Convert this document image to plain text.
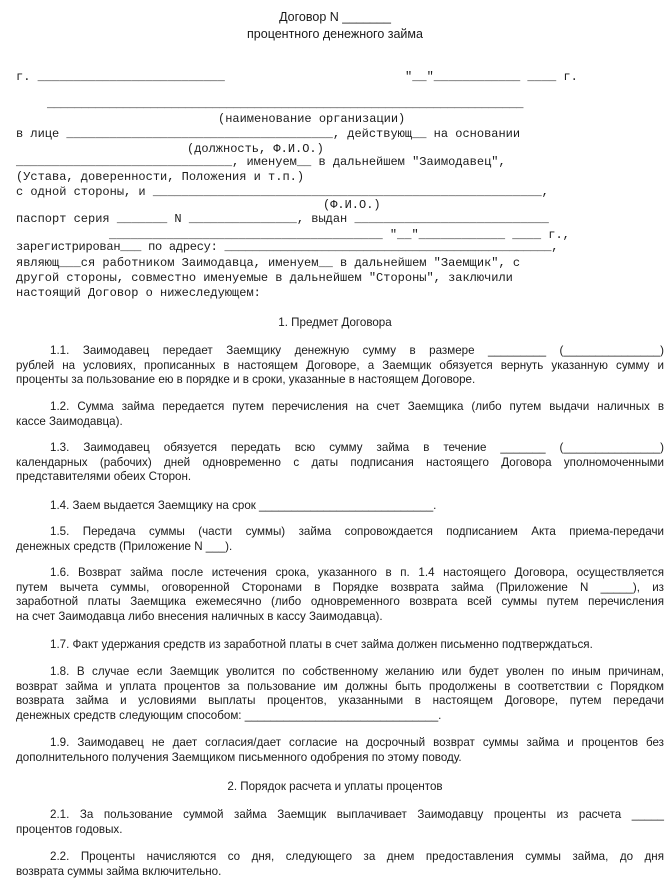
Договор N _______
процентного денежного займа
г. __________________________	"__"____________ ____ г.
_____________________________________________________________________
(наименование организации)
в лице _____________________________________, действующ__ на основании
(должность, Ф.И.О.)
______________________________, именуем__ в дальнейшем "Заимодавец",
(Устава, доверенности, Положения и т.п.)
с одной стороны, и ______________________________________________________,
(Ф.И.О.)
паспорт серия _______ N _______________, выдан ___________________________
______________________________________ "__"____________ ____ г.,
зарегистрирован___ по адресу: _______________________________________________,
являющ___ся работником Заимодавца, именуем__ в дальнейшем "Заемщик", с
другой стороны, совместно именуемые в дальнейшем "Стороны", заключили
настоящий Договор о нижеследующем:
1. Предмет Договора
1.1. Заимодавец передает Заемщику денежную сумму в размере _________ (_______________)
рублей на условиях, прописанных в настоящем Договоре, а Заемщик обязуется вернуть указанную сумму и
проценты за пользование ею в порядке и в сроки, указанные в настоящем Договоре.
1.2. Сумма займа передается путем перечисления на счет Заемщика (либо путем выдачи наличных в
кассе Заимодавца).
1.3. Заимодавец обязуется передать всю сумму займа в течение _______ (_______________)
календарных (рабочих) дней одновременно с даты подписания настоящего Договора уполномоченными
представителями обеих Сторон.
1.4. Заем выдается Заемщику на срок ___________________________.
1.5. Передача суммы (части суммы) займа сопровождается подписанием Акта приема-передачи
денежных средств (Приложение N ___).
1.6. Возврат займа после истечения срока, указанного в п. 1.4 настоящего Договора, осуществляется
путем вычета суммы, оговоренной Сторонами в Порядке возврата займа (Приложение N _____), из
заработной платы Заемщика ежемесячно (либо одновременного возврата всей суммы путем перечисления
на счет Заимодавца либо внесения наличных в кассу Заимодавца).
1.7. Факт удержания средств из заработной платы в счет займа должен письменно подтверждаться.
1.8. В случае если Заемщик уволится по собственному желанию или будет уволен по иным причинам,
возврат займа и уплата процентов за пользование им должны быть продолжены в соответствии с Порядком
возврата займа и условиями выплаты процентов, указанными в настоящем Договоре, путем передачи
денежных средств следующим способом: ______________________________.
1.9. Заимодавец не дает согласия/дает согласие на досрочный возврат суммы займа и процентов без
дополнительного получения Заемщиком письменного одобрения по этому поводу.
2. Порядок расчета и уплаты процентов
2.1. За пользование суммой займа Заемщик выплачивает Заимодавцу проценты из расчета _____
процентов годовых.
2.2. Проценты начисляются со дня, следующего за днем предоставления суммы займа, до дня
возврата суммы займа включительно.
